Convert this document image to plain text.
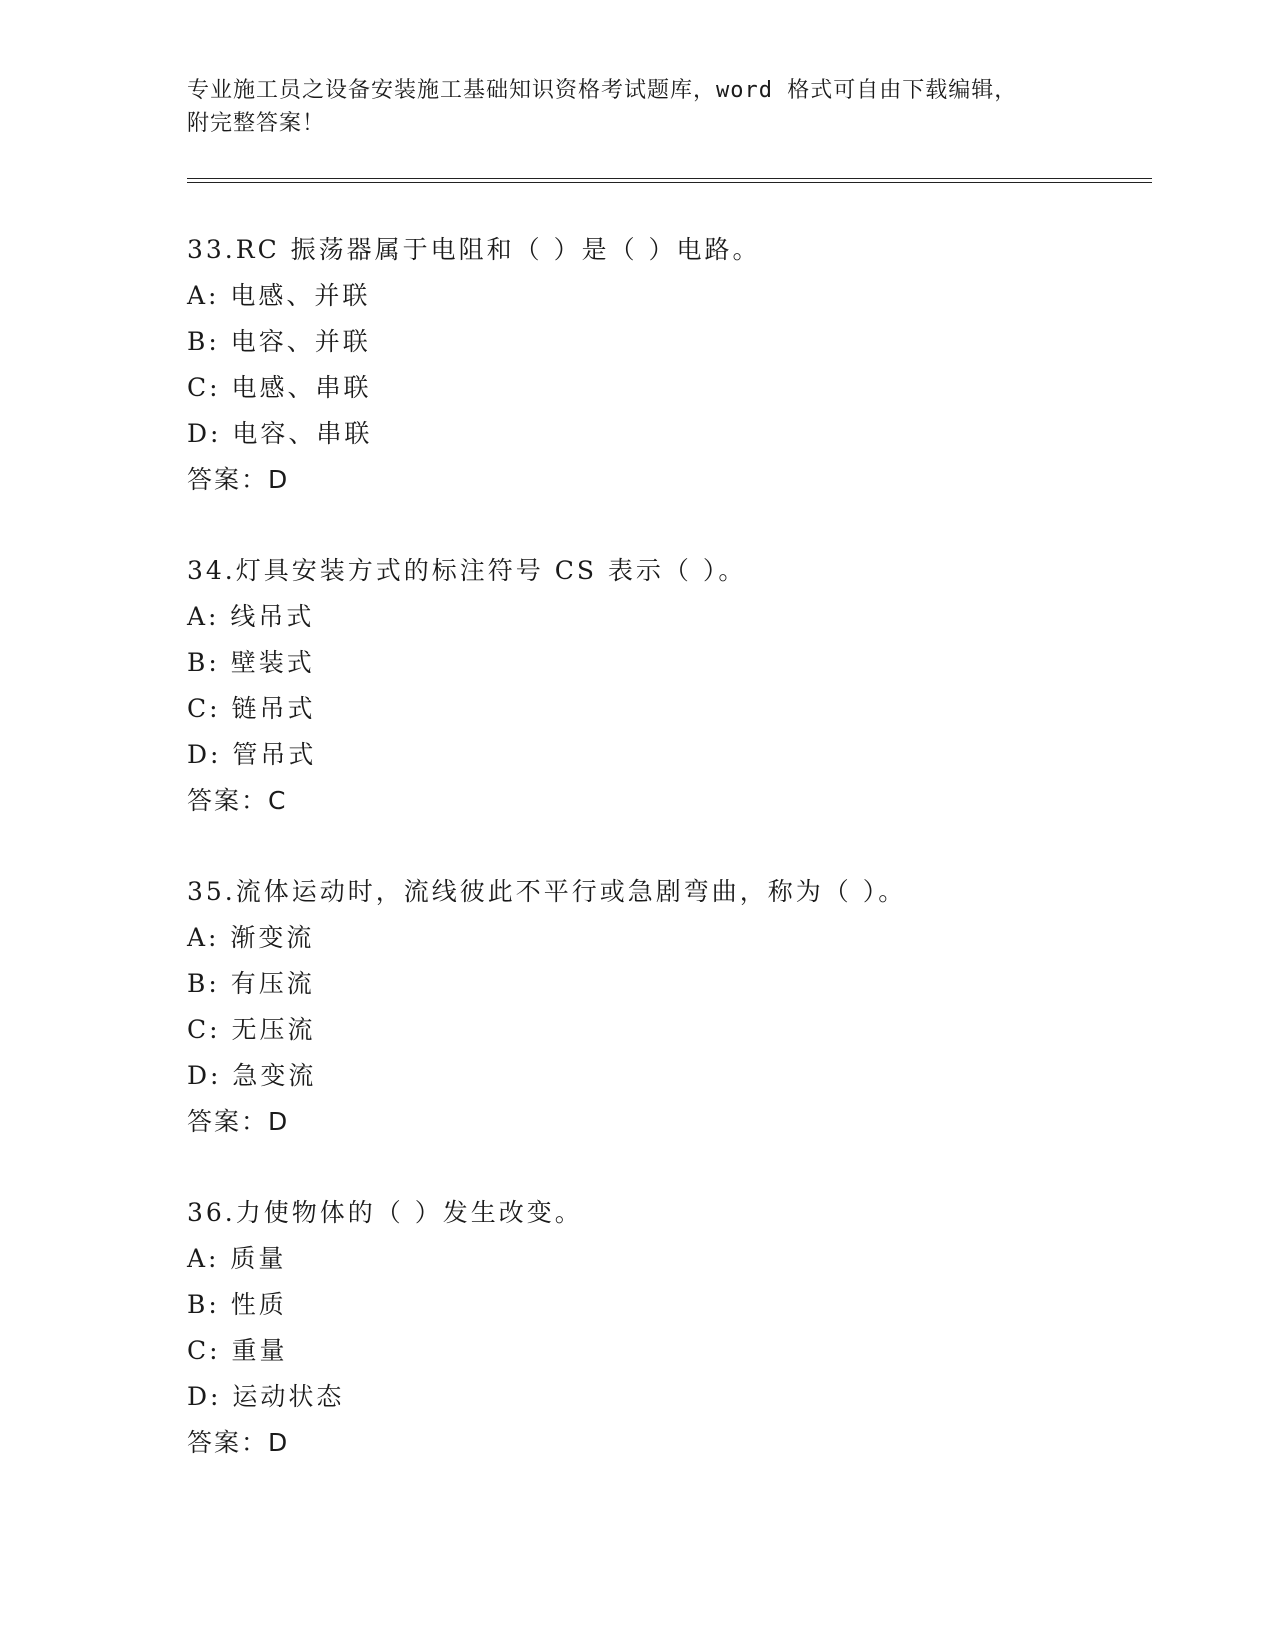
专业施工员之设备安装施工基础知识资格考试题库，word 格式可自由下载编辑，
附完整答案！
33.RC 振荡器属于电阻和（ ）是（ ）电路。
A: 电感、并联
B: 电容、并联
C: 电感、串联
D: 电容、串联
答案：D
34.灯具安装方式的标注符号 CS 表示（ ）。
A: 线吊式
B: 壁装式
C: 链吊式
D: 管吊式
答案：C
35.流体运动时，流线彼此不平行或急剧弯曲，称为（ ）。
A: 渐变流
B: 有压流
C: 无压流
D: 急变流
答案：D
36.力使物体的（ ）发生改变。
A: 质量
B: 性质
C: 重量
D: 运动状态
答案：D
